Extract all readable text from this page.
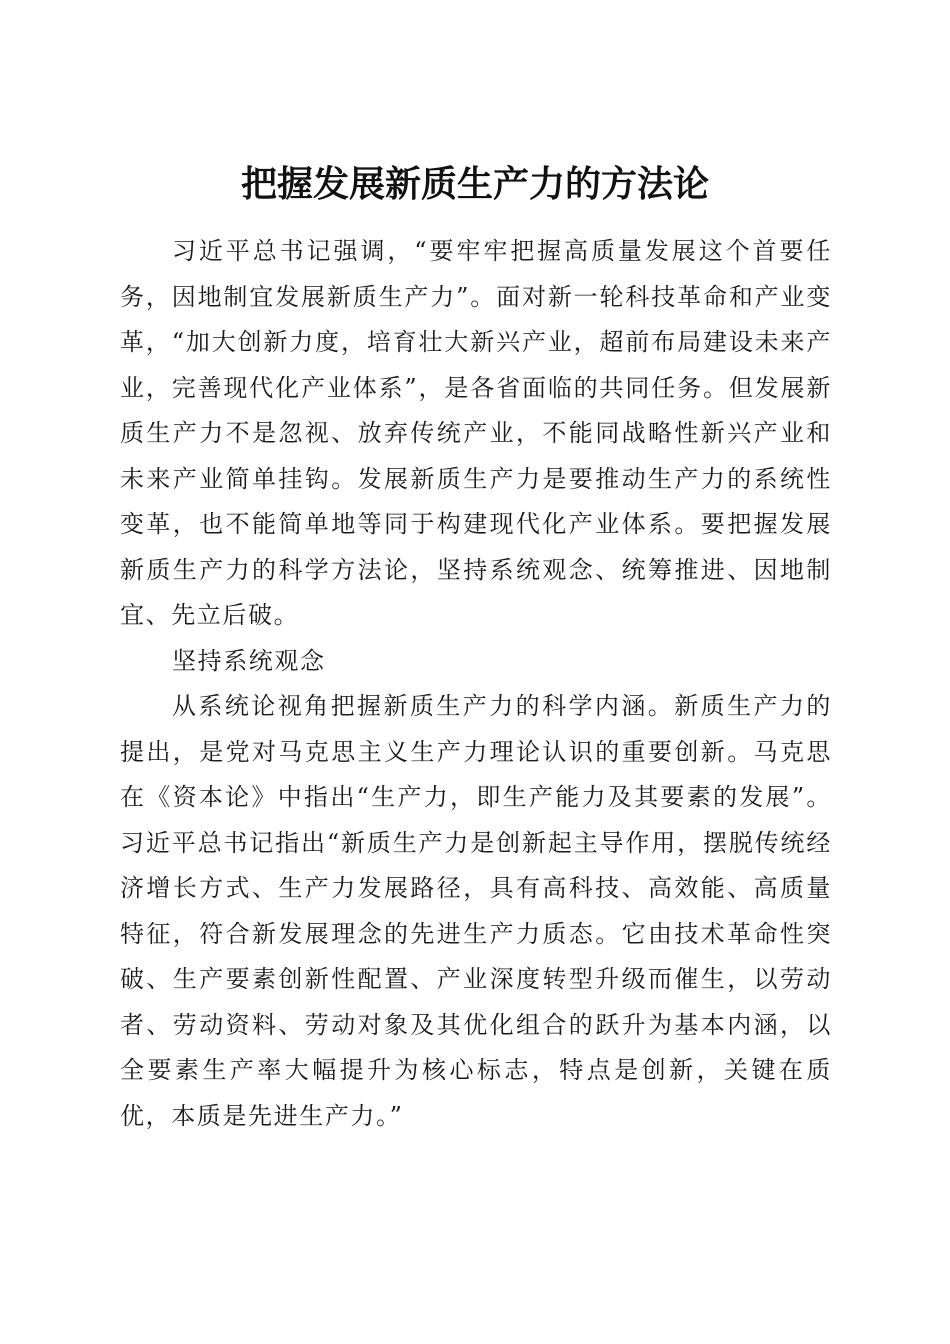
把握发展新质生产力的方法论

习近平总书记强调，“要牢牢把握高质量发展这个首要任务，因地制宜发展新质生产力”。面对新一轮科技革命和产业变革，“加大创新力度，培育壮大新兴产业，超前布局建设未来产业，完善现代化产业体系”，是各省面临的共同任务。但发展新质生产力不是忽视、放弃传统产业，不能同战略性新兴产业和未来产业简单挂钩。发展新质生产力是要推动生产力的系统性变革，也不能简单地等同于构建现代化产业体系。要把握发展新质生产力的科学方法论，坚持系统观念、统筹推进、因地制宜、先立后破。

坚持系统观念

从系统论视角把握新质生产力的科学内涵。新质生产力的提出，是党对马克思主义生产力理论认识的重要创新。马克思在《资本论》中指出“生产力，即生产能力及其要素的发展”。习近平总书记指出“新质生产力是创新起主导作用，摆脱传统经济增长方式、生产力发展路径，具有高科技、高效能、高质量特征，符合新发展理念的先进生产力质态。它由技术革命性突破、生产要素创新性配置、产业深度转型升级而催生，以劳动者、劳动资料、劳动对象及其优化组合的跃升为基本内涵，以全要素生产率大幅提升为核心标志，特点是创新，关键在质优，本质是先进生产力。”
